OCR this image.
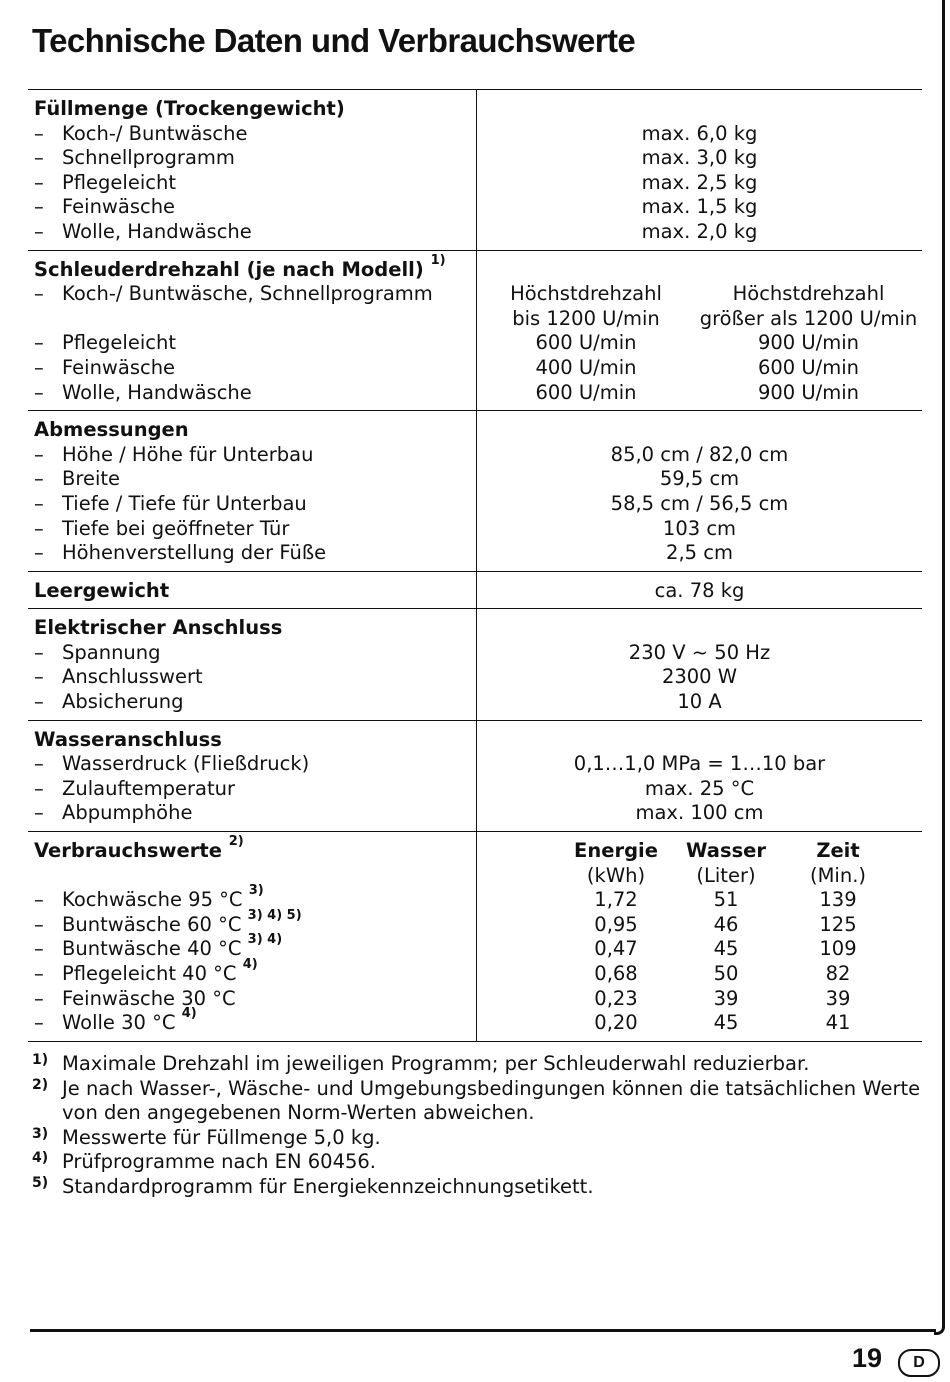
Technische Daten und Verbrauchswerte
Füllmenge (Trockengewicht)
– Koch-/ Buntwäsche	max. 6,0 kg
– Schnellprogramm	max. 3,0 kg
– Pflegeleicht	max. 2,5 kg
– Feinwäsche	max. 1,5 kg
– Wolle, Handwäsche	max. 2,0 kg
Schleuderdrehzahl (je nach Modell) $^{1)}$
– Koch-/ Buntwäsche, Schnellprogramm	Höchstdrehzahl	Höchstdrehzahl
bis 1200 U/min	größer als 1200 U/min
– Pflegeleicht	600 U/min	900 U/min
– Feinwäsche	400 U/min	600 U/min
– Wolle, Handwäsche	600 U/min	900 U/min
Abmessungen
– Höhe / Höhe für Unterbau	85,0 cm / 82,0 cm
– Breite	59,5 cm
– Tiefe / Tiefe für Unterbau	58,5 cm / 56,5 cm
– Tiefe bei geöffneter Tür	103 cm
– Höhenverstellung der Füße	2,5 cm
Leergewicht	ca. 78 kg
Elektrischer Anschluss
– Spannung	230 V ~ 50 Hz
– Anschlusswert	2300 W
– Absicherung	10 A
Wasseranschluss
– Wasserdruck (Fließdruck)	0,1…1,0 MPa = 1…10 bar
– Zulauftemperatur	max. 25 °C
– Abpumphöhe	max. 100 cm
Verbrauchswerte $^{2)}$	Energie	Wasser	Zeit
(kWh)	(Liter)	(Min.)
– Kochwäsche 95 °C $^{3)}$	1,72	51	139
– Buntwäsche 60 °C $^{3) 4) 5)}$	0,95	46	125
– Buntwäsche 40 °C $^{3) 4)}$	0,47	45	109
– Pflegeleicht 40 °C $^{4)}$	0,68	50	82
– Feinwäsche 30 °C	0,23	39	39
– Wolle 30 °C $^{4)}$	0,20	45	41
1) Maximale Drehzahl im jeweiligen Programm; per Schleuderwahl reduzierbar.
2) Je nach Wasser-, Wäsche- und Umgebungsbedingungen können die tatsächlichen Werte von den angegebenen Norm-Werten abweichen.
3) Messwerte für Füllmenge 5,0 kg.
4) Prüfprogramme nach EN 60456.
5) Standardprogramm für Energiekennzeichnungsetikett.
19	D
